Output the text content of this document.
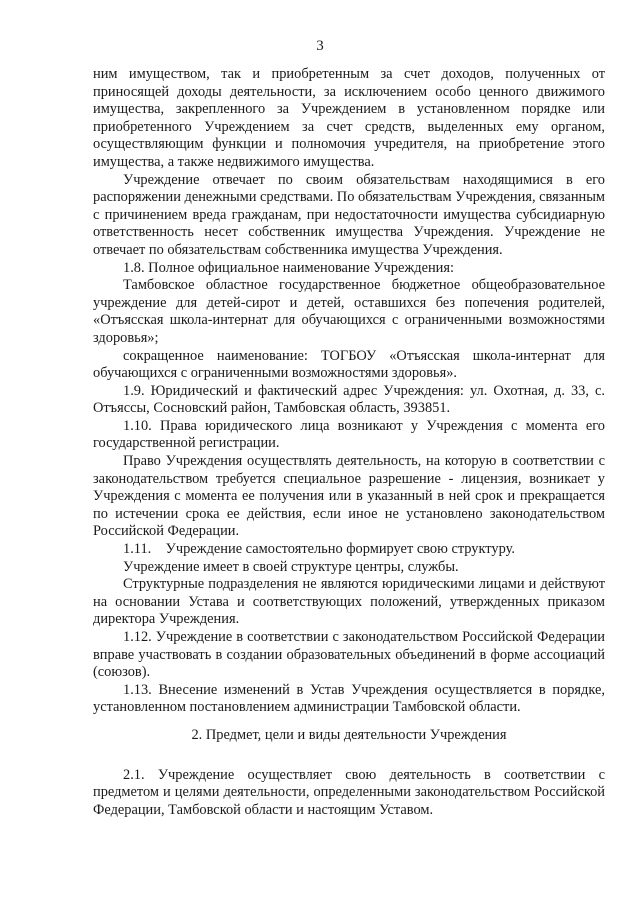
3

ним имуществом, так и приобретенным за счет доходов, полученных от приносящей доходы деятельности, за исключением особо ценного движимого имущества, закрепленного за Учреждением в установленном порядке или приобретенного Учреждением за счет средств, выделенных ему органом, осуществляющим функции и полномочия учредителя, на приобретение этого имущества, а также недвижимого имущества.

Учреждение отвечает по своим обязательствам находящимися в его распоряжении денежными средствами. По обязательствам Учреждения, связанным с причинением вреда гражданам, при недостаточности имущества субсидиарную ответственность несет собственник имущества Учреждения. Учреждение не отвечает по обязательствам собственника имущества Учреждения.

1.8. Полное официальное наименование Учреждения:

Тамбовское областное государственное бюджетное общеобразовательное учреждение для детей-сирот и детей, оставшихся без попечения родителей, «Отъясская школа-интернат для обучающихся с ограниченными возможностями здоровья»;

сокращенное наименование: ТОГБОУ «Отъясская школа-интернат для обучающихся с ограниченными возможностями здоровья».

1.9. Юридический и фактический адрес Учреждения: ул. Охотная, д. 33, с. Отъяссы, Сосновский район, Тамбовская область, 393851.

1.10. Права юридического лица возникают у Учреждения с момента его государственной регистрации.

Право Учреждения осуществлять деятельность, на которую в соответствии с законодательством требуется специальное разрешение - лицензия, возникает у Учреждения с момента ее получения или в указанный в ней срок и прекращается по истечении срока ее действия, если иное не установлено законодательством Российской Федерации.

1.11.    Учреждение самостоятельно формирует свою структуру.

Учреждение имеет в своей структуре центры, службы.

Структурные подразделения не являются юридическими лицами и действуют на основании Устава и соответствующих положений, утвержденных приказом директора Учреждения.

1.12. Учреждение в соответствии с законодательством Российской Федерации вправе участвовать в создании образовательных объединений в форме ассоциаций (союзов).

1.13. Внесение изменений в Устав Учреждения осуществляется в порядке, установленном постановлением администрации Тамбовской области.

2. Предмет, цели и виды деятельности Учреждения

2.1. Учреждение осуществляет свою деятельность в соответствии с предметом и целями деятельности, определенными законодательством Российской Федерации, Тамбовской области и настоящим Уставом.
